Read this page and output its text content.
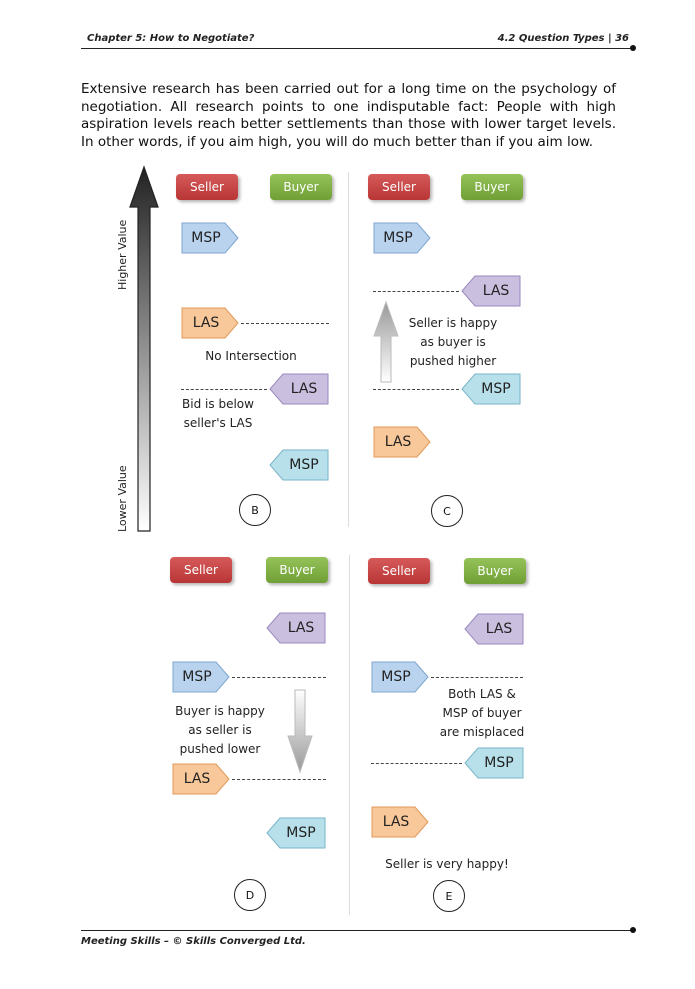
Chapter 5: How to Negotiate?	4.2 Question Types | 36
Extensive research has been carried out for a long time on the psychology of negotiation. All research points to one indisputable fact: People with high aspiration levels reach better settlements than those with lower target levels. In other words, if you aim high, you will do much better than if you aim low.
Higher Value
Lower Value
Seller	Buyer
MSP
LAS
No Intersection
LAS
Bid is below seller's LAS
MSP
B
Seller	Buyer
MSP
LAS
Seller is happy as buyer is pushed higher
MSP
LAS
C
Seller	Buyer
LAS
MSP
Buyer is happy as seller is pushed lower
LAS
MSP
D
Seller	Buyer
LAS
MSP
Both LAS & MSP of buyer are misplaced
MSP
LAS
Seller is very happy!
E
Meeting Skills – © Skills Converged Ltd.
